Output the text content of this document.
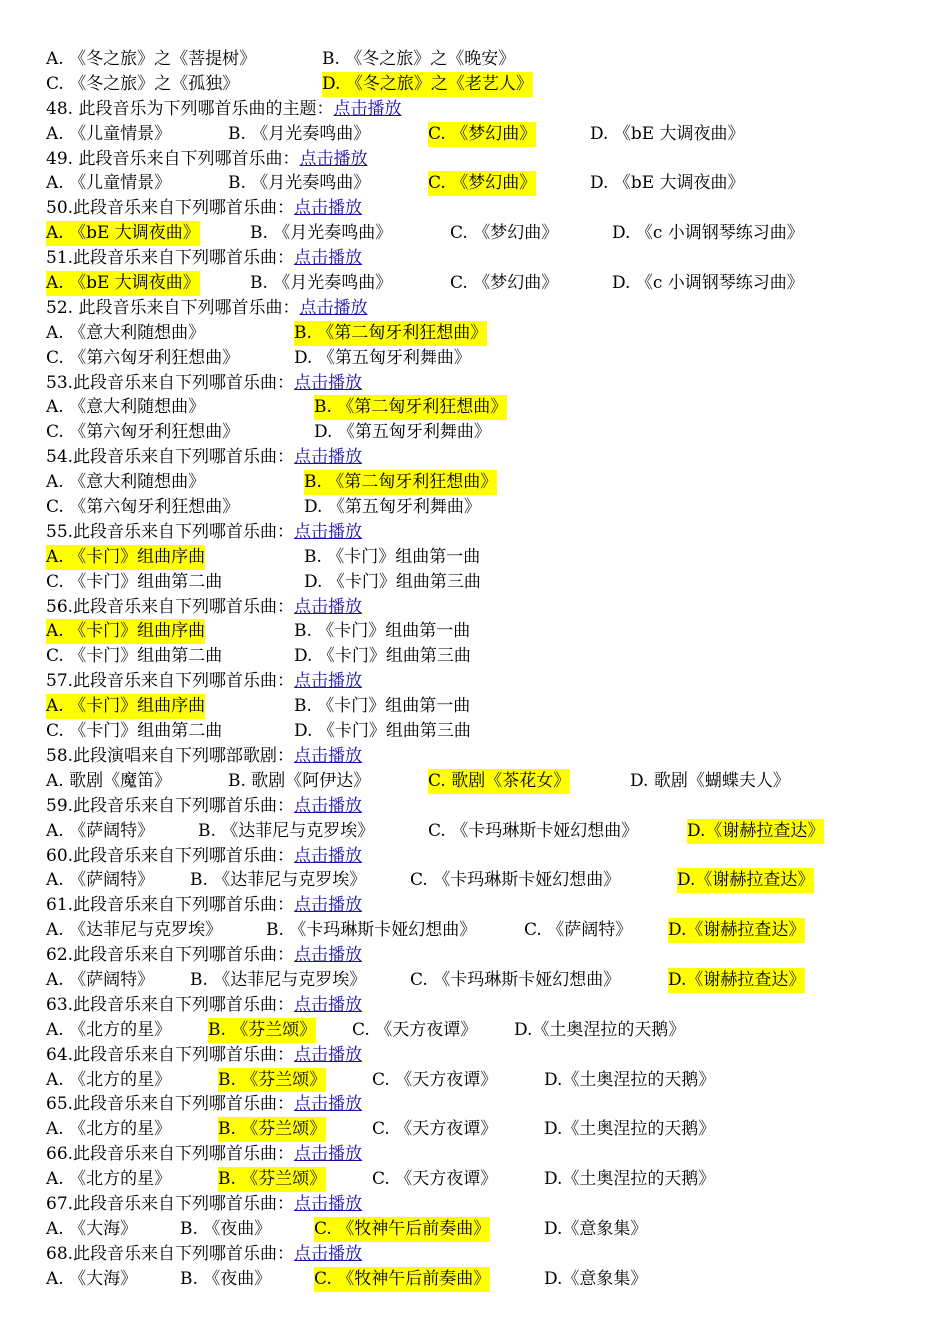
A. 《冬之旅》之《菩提树》	B. 《冬之旅》之《晚安》
C. 《冬之旅》之《孤独》	D. 《冬之旅》之《老艺人》
48. 此段音乐为下列哪首乐曲的主题：点击播放
A. 《儿童情景》	B. 《月光奏鸣曲》	C. 《梦幻曲》	D. 《bE 大调夜曲》
49. 此段音乐来自下列哪首乐曲：点击播放
A. 《儿童情景》	B. 《月光奏鸣曲》	C. 《梦幻曲》	D. 《bE 大调夜曲》
50.此段音乐来自下列哪首乐曲：点击播放
A. 《bE 大调夜曲》	B. 《月光奏鸣曲》	C. 《梦幻曲》	D. 《c 小调钢琴练习曲》
51.此段音乐来自下列哪首乐曲：点击播放
A. 《bE 大调夜曲》	B. 《月光奏鸣曲》	C. 《梦幻曲》	D. 《c 小调钢琴练习曲》
52. 此段音乐来自下列哪首乐曲：点击播放
A. 《意大利随想曲》	B. 《第二匈牙利狂想曲》
C. 《第六匈牙利狂想曲》	D. 《第五匈牙利舞曲》
53.此段音乐来自下列哪首乐曲：点击播放
A. 《意大利随想曲》	B. 《第二匈牙利狂想曲》
C. 《第六匈牙利狂想曲》	D. 《第五匈牙利舞曲》
54.此段音乐来自下列哪首乐曲：点击播放
A. 《意大利随想曲》	B. 《第二匈牙利狂想曲》
C. 《第六匈牙利狂想曲》	D. 《第五匈牙利舞曲》
55.此段音乐来自下列哪首乐曲：点击播放
A. 《卡门》组曲序曲	B. 《卡门》组曲第一曲
C. 《卡门》组曲第二曲	D. 《卡门》组曲第三曲
56.此段音乐来自下列哪首乐曲：点击播放
A. 《卡门》组曲序曲	B. 《卡门》组曲第一曲
C. 《卡门》组曲第二曲	D. 《卡门》组曲第三曲
57.此段音乐来自下列哪首乐曲：点击播放
A. 《卡门》组曲序曲	B. 《卡门》组曲第一曲
C. 《卡门》组曲第二曲	D. 《卡门》组曲第三曲
58.此段演唱来自下列哪部歌剧：点击播放
A. 歌剧《魔笛》	B. 歌剧《阿伊达》	C. 歌剧《茶花女》	D. 歌剧《蝴蝶夫人》
59.此段音乐来自下列哪首乐曲：点击播放
A. 《萨阔特》	B. 《达菲尼与克罗埃》	C. 《卡玛琳斯卡娅幻想曲》	D.《谢赫拉查达》
60.此段音乐来自下列哪首乐曲：点击播放
A. 《萨阔特》 B. 《达菲尼与克罗埃》	C. 《卡玛琳斯卡娅幻想曲》	D.《谢赫拉查达》
61.此段音乐来自下列哪首乐曲：点击播放
A. 《达菲尼与克罗埃》	B. 《卡玛琳斯卡娅幻想曲》	C. 《萨阔特》 D.《谢赫拉查达》
62.此段音乐来自下列哪首乐曲：点击播放
A. 《萨阔特》 B. 《达菲尼与克罗埃》	C. 《卡玛琳斯卡娅幻想曲》	D.《谢赫拉查达》
63.此段音乐来自下列哪首乐曲：点击播放
A. 《北方的星》 B. 《芬兰颂》 C. 《天方夜谭》 D.《土奥涅拉的天鹅》
64.此段音乐来自下列哪首乐曲：点击播放
A. 《北方的星》	B. 《芬兰颂》	C. 《天方夜谭》	D.《土奥涅拉的天鹅》
65.此段音乐来自下列哪首乐曲：点击播放
A. 《北方的星》	B. 《芬兰颂》	C. 《天方夜谭》	D.《土奥涅拉的天鹅》
66.此段音乐来自下列哪首乐曲：点击播放
A. 《北方的星》	B. 《芬兰颂》	C. 《天方夜谭》	D.《土奥涅拉的天鹅》
67.此段音乐来自下列哪首乐曲：点击播放
A. 《大海》	B. 《夜曲》	C. 《牧神午后前奏曲》	D.《意象集》
68.此段音乐来自下列哪首乐曲：点击播放
A. 《大海》	B. 《夜曲》	C. 《牧神午后前奏曲》	D.《意象集》
